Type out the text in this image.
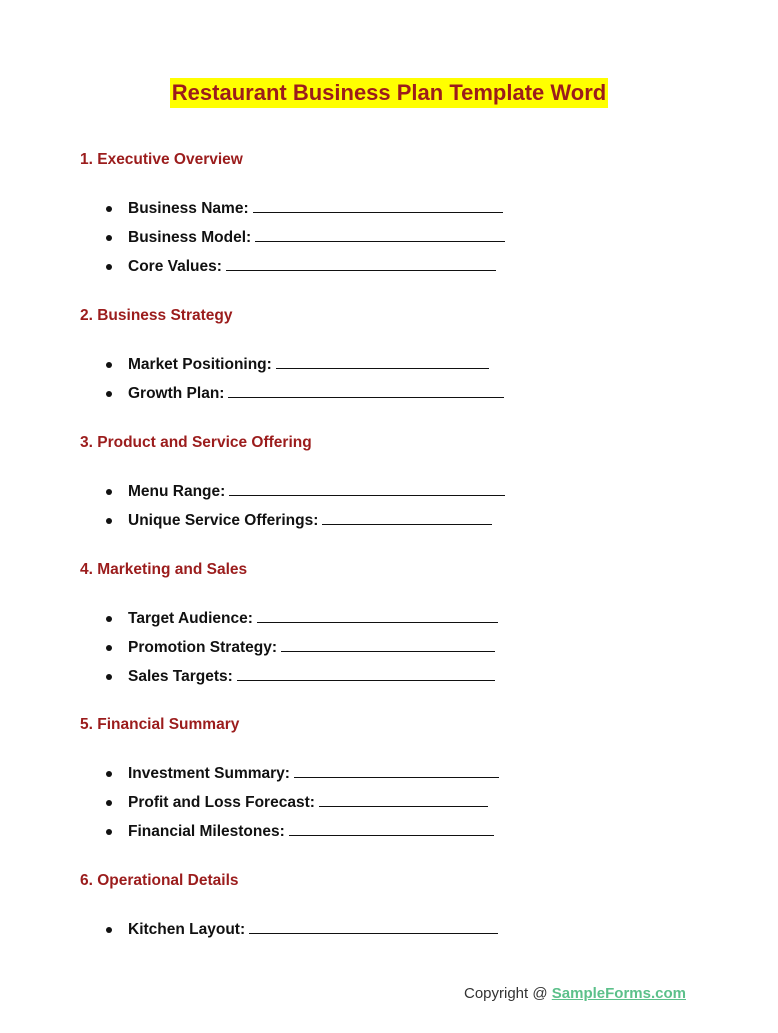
Restaurant Business Plan Template Word
1. Executive Overview
Business Name:
Business Model:
Core Values:
2. Business Strategy
Market Positioning:
Growth Plan:
3. Product and Service Offering
Menu Range:
Unique Service Offerings:
4. Marketing and Sales
Target Audience:
Promotion Strategy:
Sales Targets:
5. Financial Summary
Investment Summary:
Profit and Loss Forecast:
Financial Milestones:
6. Operational Details
Kitchen Layout:
Copyright @ SampleForms.com
